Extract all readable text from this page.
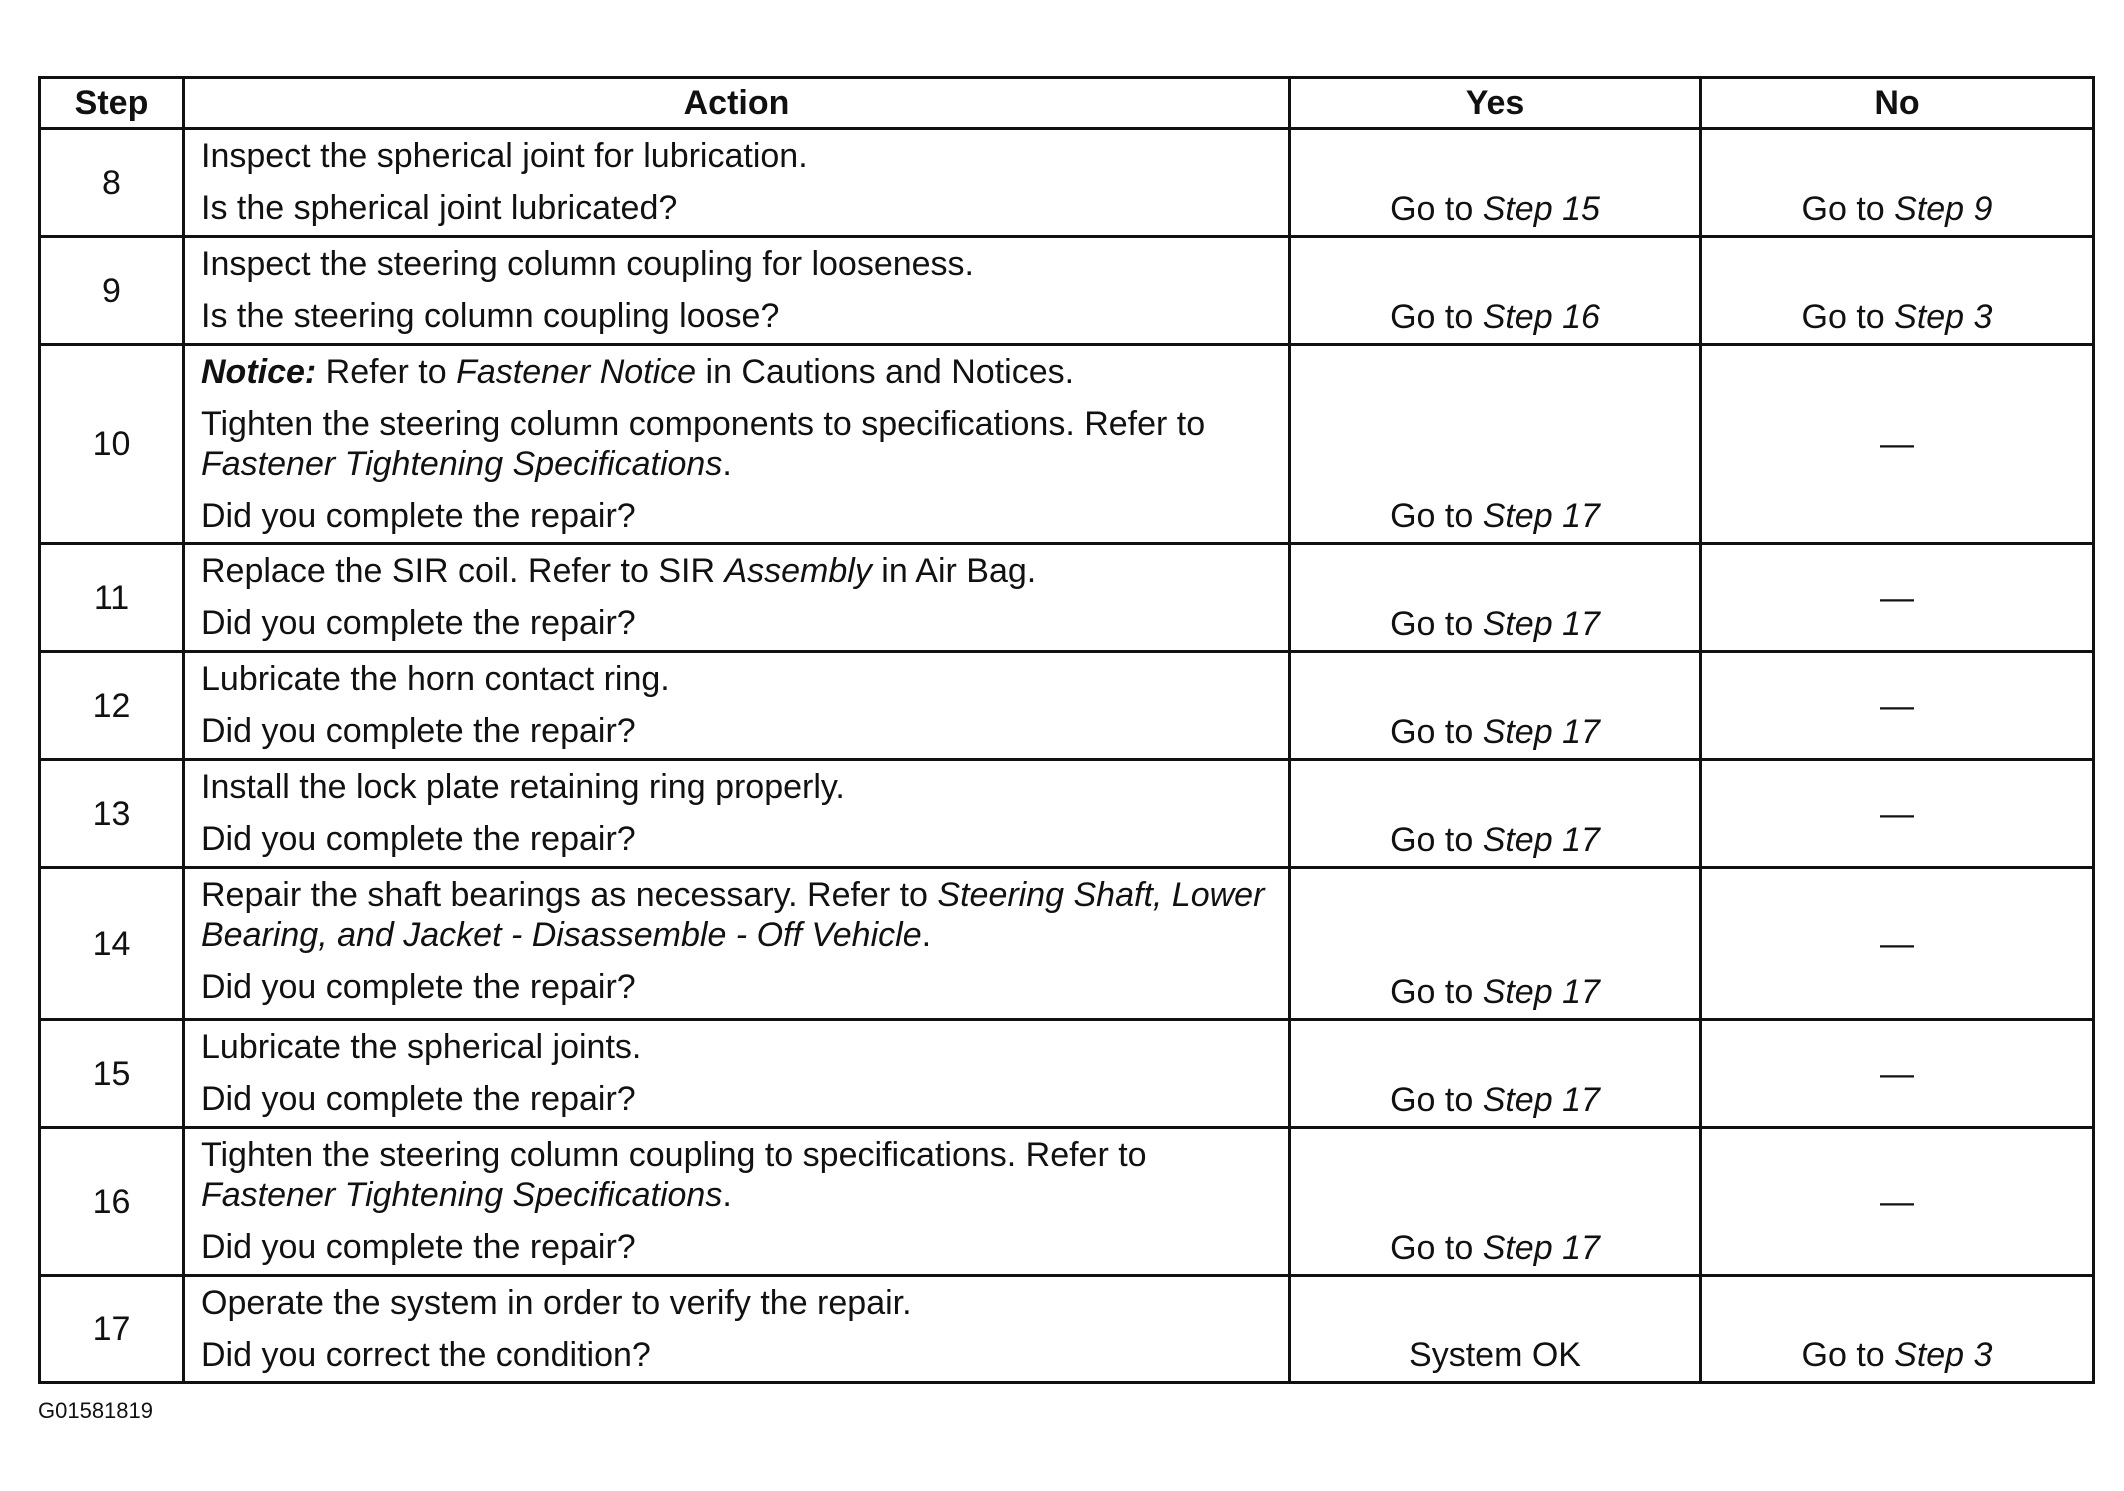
Step	Action	Yes	No
8	Inspect the spherical joint for lubrication.

Is the spherical joint lubricated?	Go to Step 15	Go to Step 9
9	Inspect the steering column coupling for looseness.

Is the steering column coupling loose?	Go to Step 16	Go to Step 3
10	Notice: Refer to Fastener Notice in Cautions and Notices.

Tighten the steering column components to specifications. Refer to Fastener Tightening Specifications.

Did you complete the repair?	Go to Step 17	—
11	Replace the SIR coil. Refer to SIR Assembly in Air Bag.

Did you complete the repair?	Go to Step 17	—
12	Lubricate the horn contact ring.

Did you complete the repair?	Go to Step 17	—
13	Install the lock plate retaining ring properly.

Did you complete the repair?	Go to Step 17	—
14	Repair the shaft bearings as necessary. Refer to Steering Shaft, Lower Bearing, and Jacket - Disassemble - Off Vehicle.

Did you complete the repair?	Go to Step 17	—
15	Lubricate the spherical joints.

Did you complete the repair?	Go to Step 17	—
16	Tighten the steering column coupling to specifications. Refer to Fastener Tightening Specifications.

Did you complete the repair?	Go to Step 17	—
17	Operate the system in order to verify the repair.

Did you correct the condition?	System OK	Go to Step 3
G01581819
